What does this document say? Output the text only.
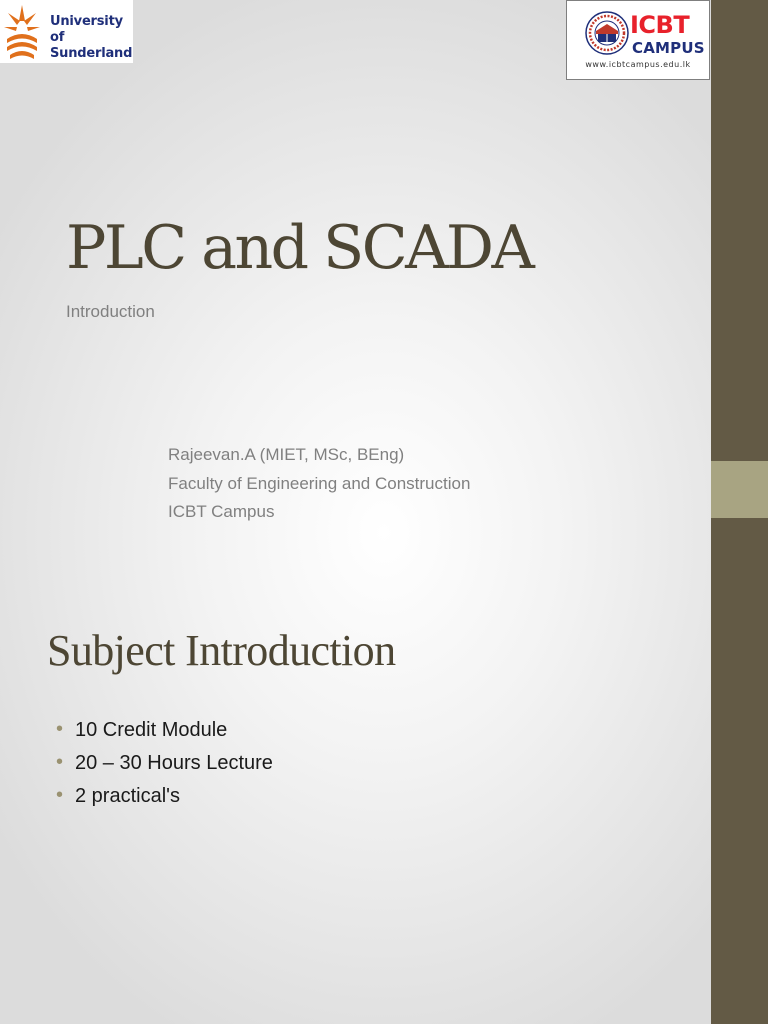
University of
Sunderland
ICBT
CAMPUS
www.icbtcampus.edu.lk
PLC and SCADA
Introduction
Rajeevan.A (MIET, MSc, BEng)
Faculty of Engineering and Construction
ICBT Campus
Subject Introduction
• 10 Credit Module
• 20 – 30 Hours Lecture
• 2 practical's
